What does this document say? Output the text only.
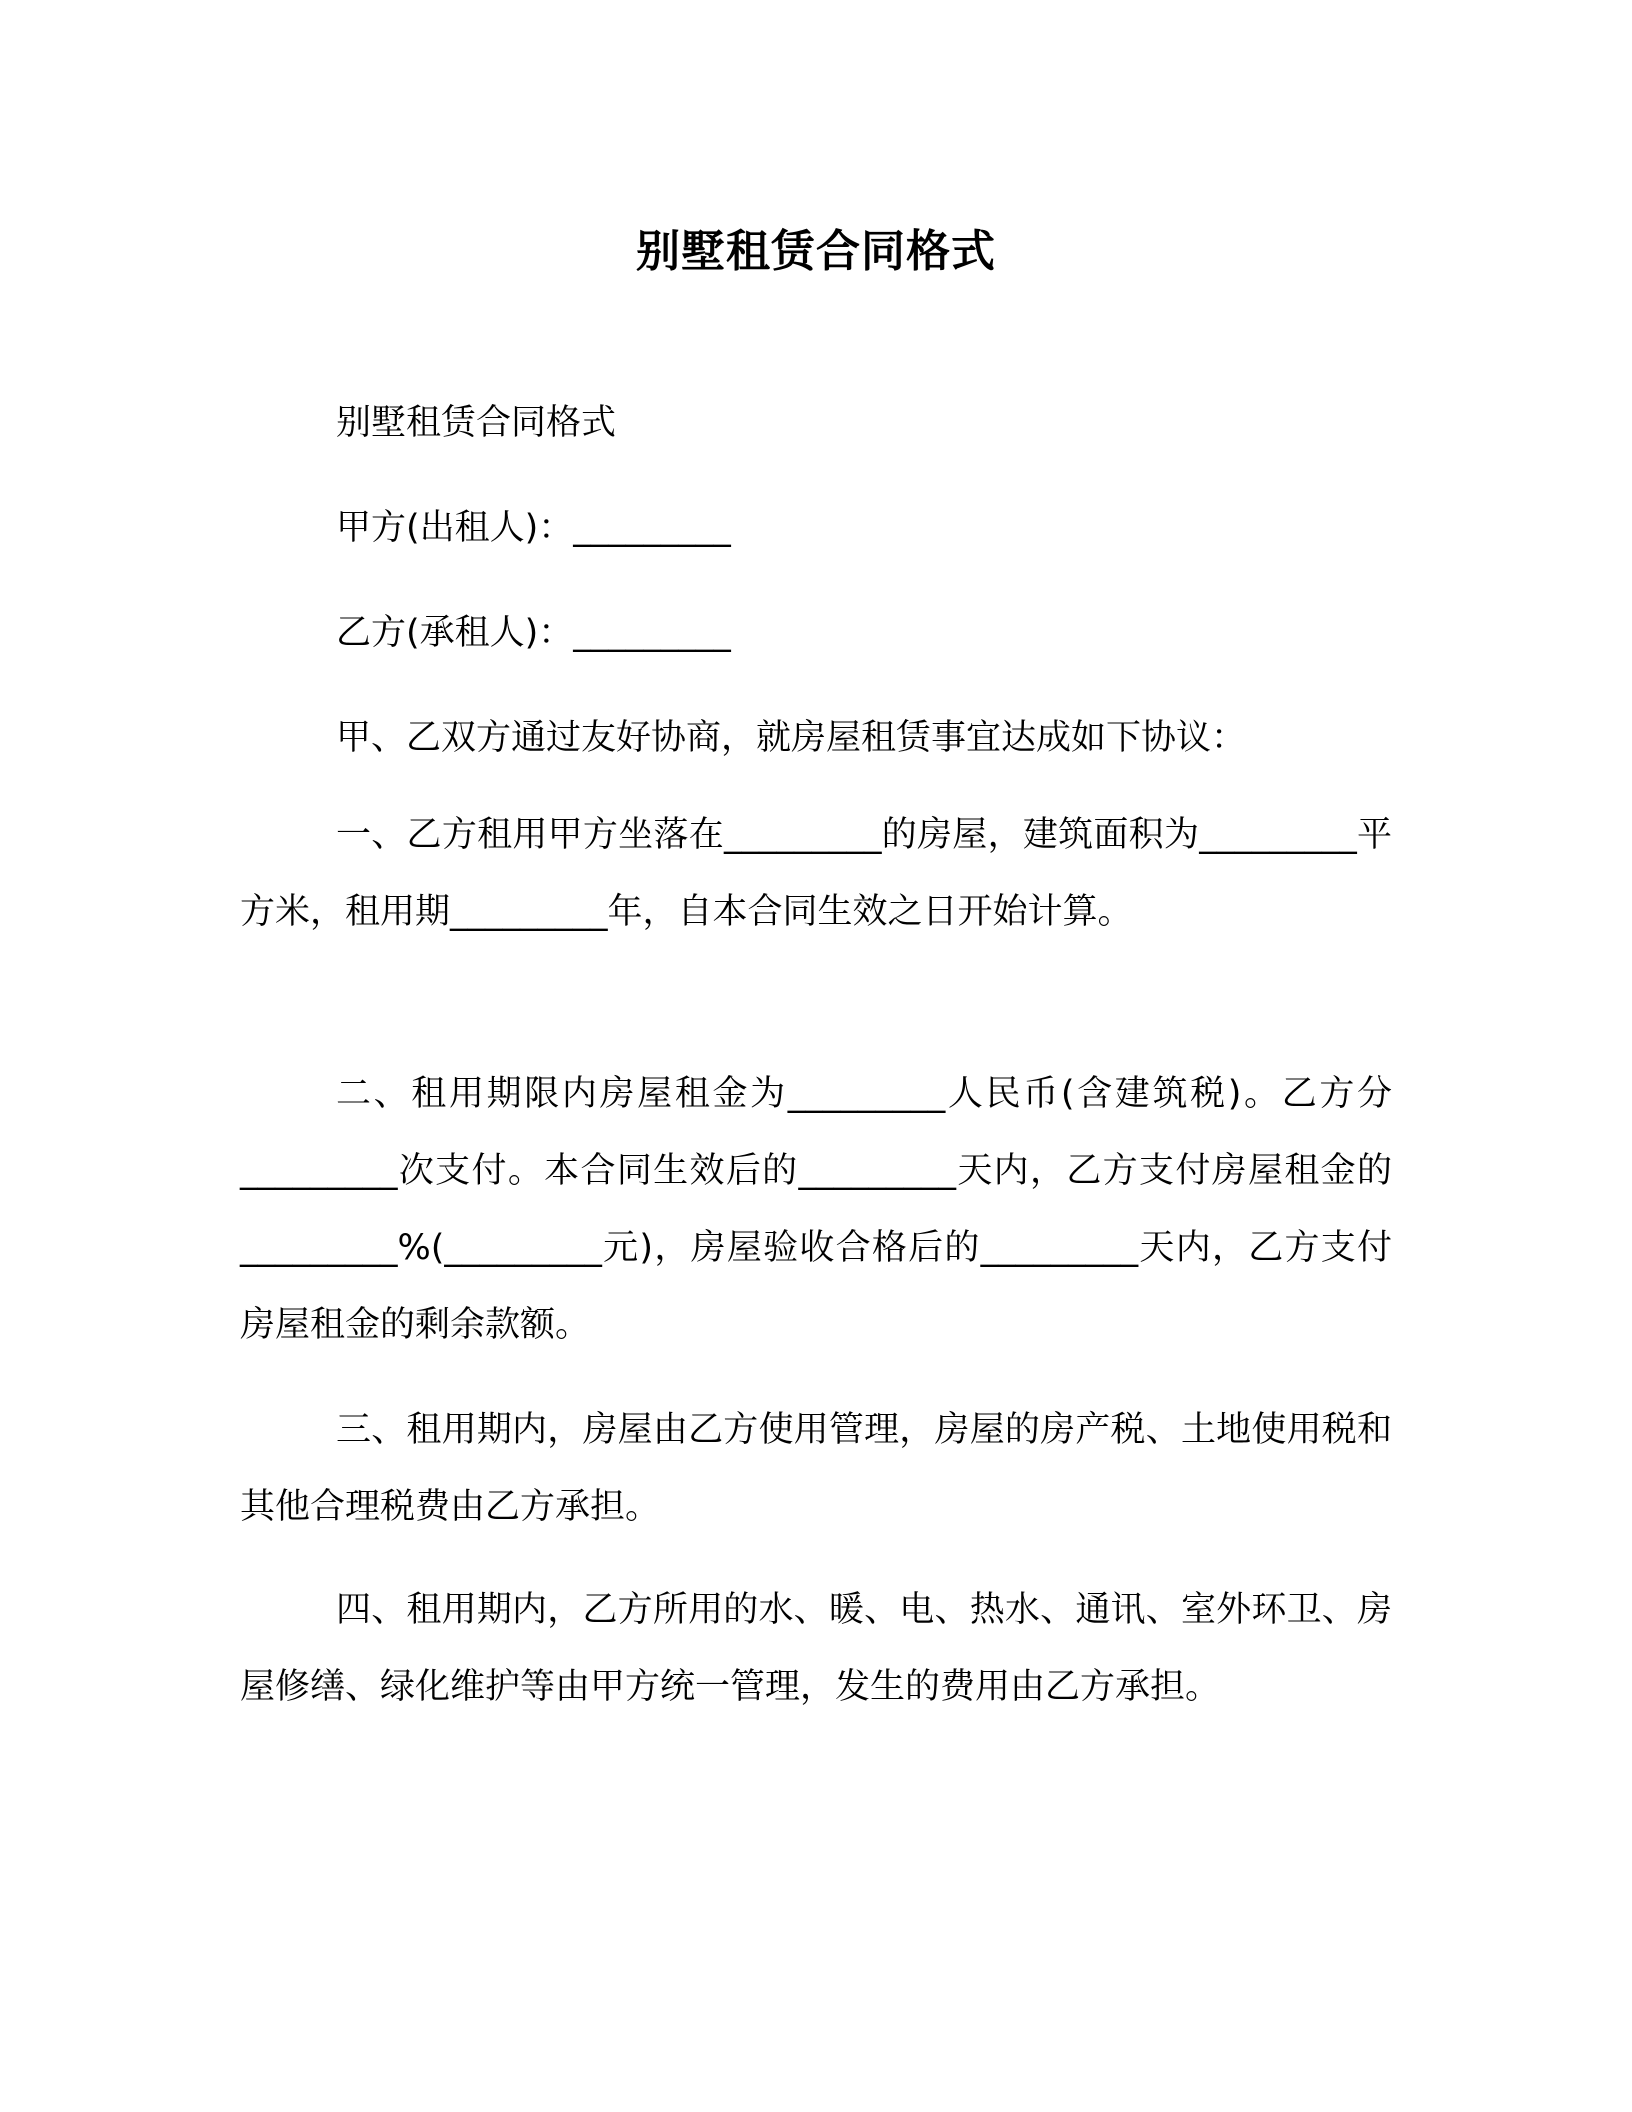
别墅租赁合同格式
别墅租赁合同格式
甲方(出租人)：_________
乙方(承租人)：_________
甲、乙双方通过友好协商，就房屋租赁事宜达成如下协议：

一、乙方租用甲方坐落在_________的房屋，建筑面积为_________平方米，租用期_________年，自本合同生效之日开始计算。

二、租用期限内房屋租金为_________人民币(含建筑税)。乙方分_________次支付。本合同生效后的_________天内，乙方支付房屋租金的_________%(_________元)，房屋验收合格后的_________天内，乙方支付房屋租金的剩余款额。

三、租用期内，房屋由乙方使用管理，房屋的房产税、土地使用税和其他合理税费由乙方承担。

四、租用期内，乙方所用的水、暖、电、热水、通讯、室外环卫、房屋修缮、绿化维护等由甲方统一管理，发生的费用由乙方承担。
